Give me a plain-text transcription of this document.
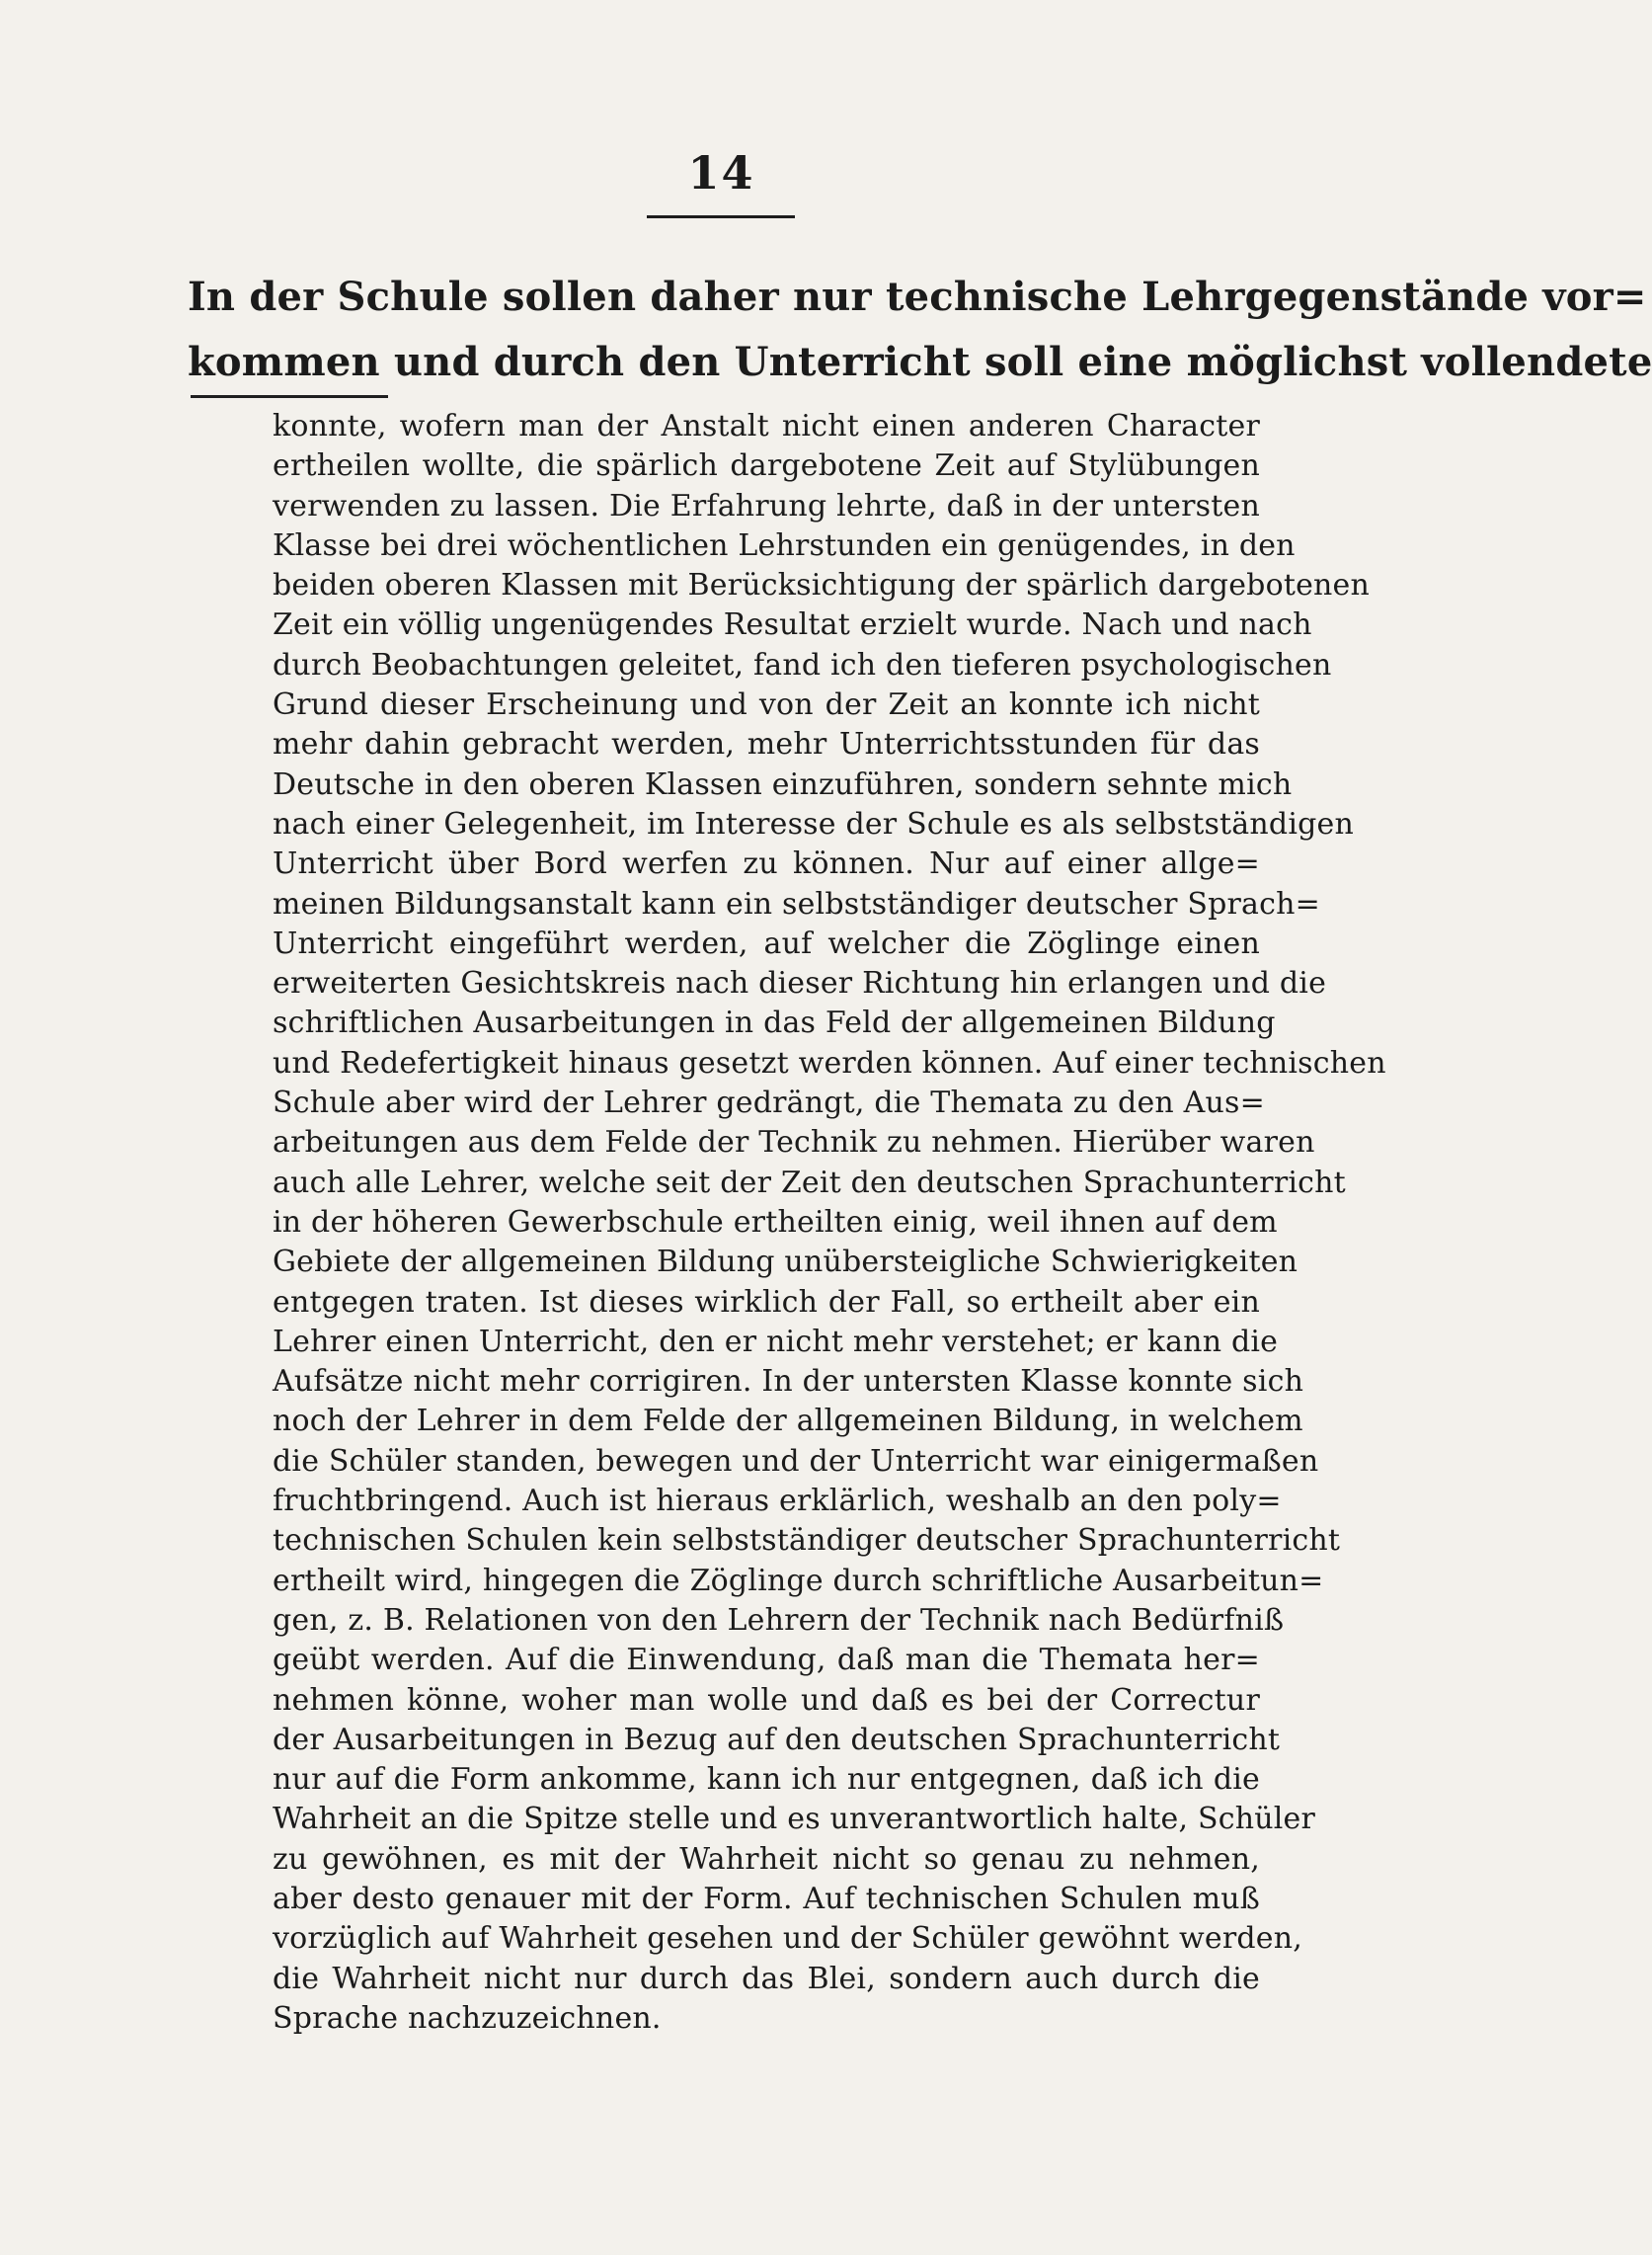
14
In der Schule sollen daher nur technische Lehrgegenstände vor=
kommen und durch den Unterricht soll eine möglichst vollendete
konnte, wofern man der Anstalt nicht einen anderen Character
ertheilen wollte, die spärlich dargebotene Zeit auf Stylübungen
verwenden zu lassen. Die Erfahrung lehrte, daß in der untersten
Klasse bei drei wöchentlichen Lehrstunden ein genügendes, in den
beiden oberen Klassen mit Berücksichtigung der spärlich dargebotenen
Zeit ein völlig ungenügendes Resultat erzielt wurde. Nach und nach
durch Beobachtungen geleitet, fand ich den tieferen psychologischen
Grund dieser Erscheinung und von der Zeit an konnte ich nicht
mehr dahin gebracht werden, mehr Unterrichtsstunden für das
Deutsche in den oberen Klassen einzuführen, sondern sehnte mich
nach einer Gelegenheit, im Interesse der Schule es als selbstständigen
Unterricht über Bord werfen zu können. Nur auf einer allge=
meinen Bildungsanstalt kann ein selbstständiger deutscher Sprach=
Unterricht eingeführt werden, auf welcher die Zöglinge einen
erweiterten Gesichtskreis nach dieser Richtung hin erlangen und die
schriftlichen Ausarbeitungen in das Feld der allgemeinen Bildung
und Redefertigkeit hinaus gesetzt werden können. Auf einer technischen
Schule aber wird der Lehrer gedrängt, die Themata zu den Aus=
arbeitungen aus dem Felde der Technik zu nehmen. Hierüber waren
auch alle Lehrer, welche seit der Zeit den deutschen Sprachunterricht
in der höheren Gewerbschule ertheilten einig, weil ihnen auf dem
Gebiete der allgemeinen Bildung unübersteigliche Schwierigkeiten
entgegen traten. Ist dieses wirklich der Fall, so ertheilt aber ein
Lehrer einen Unterricht, den er nicht mehr verstehet; er kann die
Aufsätze nicht mehr corrigiren. In der untersten Klasse konnte sich
noch der Lehrer in dem Felde der allgemeinen Bildung, in welchem
die Schüler standen, bewegen und der Unterricht war einigermaßen
fruchtbringend. Auch ist hieraus erklärlich, weshalb an den poly=
technischen Schulen kein selbstständiger deutscher Sprachunterricht
ertheilt wird, hingegen die Zöglinge durch schriftliche Ausarbeitun=
gen, z. B. Relationen von den Lehrern der Technik nach Bedürfniß
geübt werden. Auf die Einwendung, daß man die Themata her=
nehmen könne, woher man wolle und daß es bei der Correctur
der Ausarbeitungen in Bezug auf den deutschen Sprachunterricht
nur auf die Form ankomme, kann ich nur entgegnen, daß ich die
Wahrheit an die Spitze stelle und es unverantwortlich halte, Schüler
zu gewöhnen, es mit der Wahrheit nicht so genau zu nehmen,
aber desto genauer mit der Form. Auf technischen Schulen muß
vorzüglich auf Wahrheit gesehen und der Schüler gewöhnt werden,
die Wahrheit nicht nur durch das Blei, sondern auch durch die
Sprache nachzuzeichnen.
